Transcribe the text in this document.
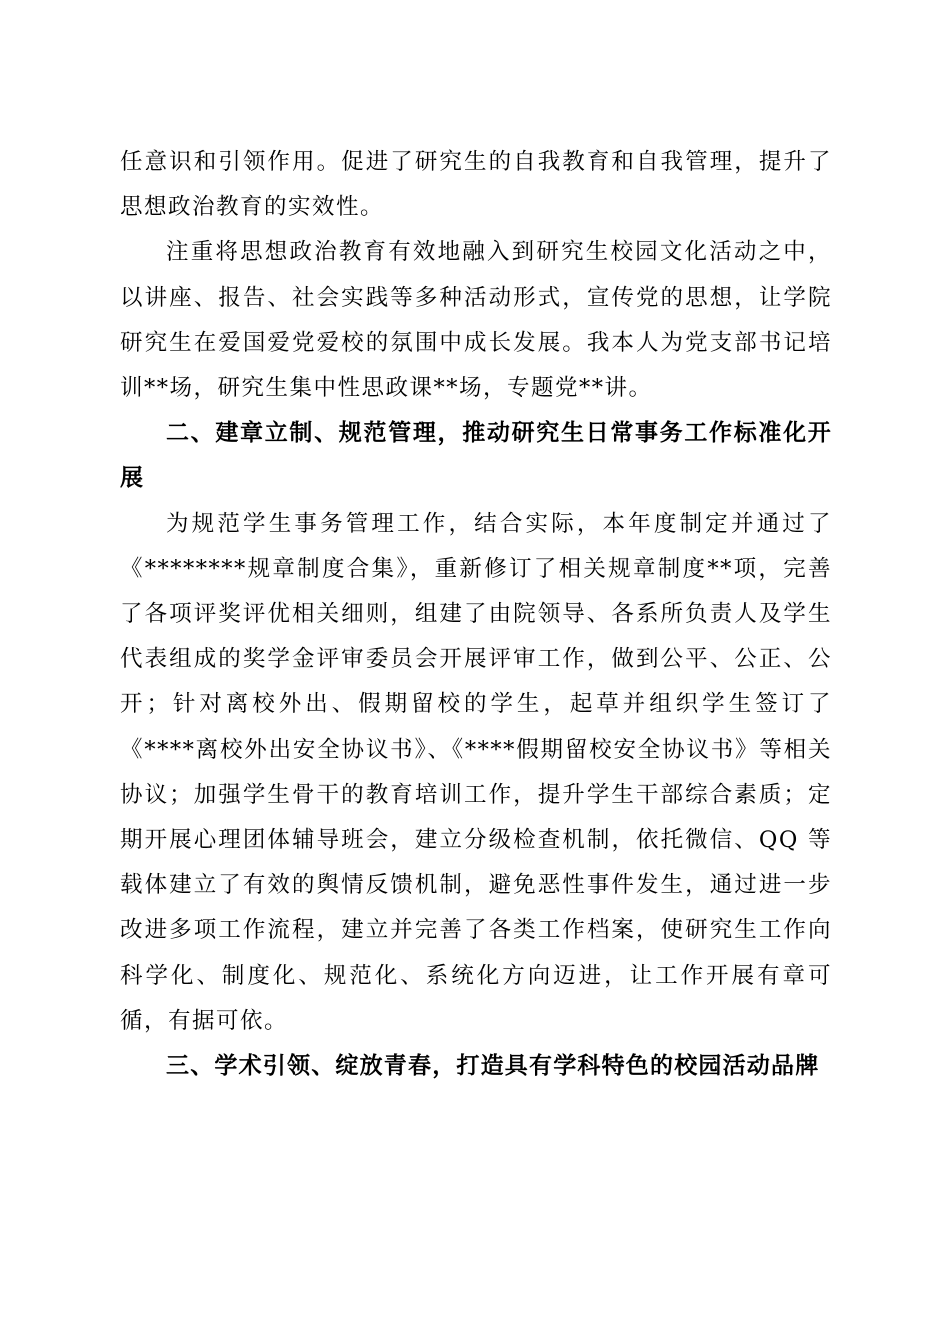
任意识和引领作用。促进了研究生的自我教育和自我管理，提升了思想政治教育的实效性。

注重将思想政治教育有效地融入到研究生校园文化活动之中，以讲座、报告、社会实践等多种活动形式，宣传党的思想，让学院研究生在爱国爱党爱校的氛围中成长发展。我本人为党支部书记培训**场，研究生集中性思政课**场，专题党**讲。

二、建章立制、规范管理，推动研究生日常事务工作标准化开展

为规范学生事务管理工作，结合实际，本年度制定并通过了《********规章制度合集》，重新修订了相关规章制度**项，完善了各项评奖评优相关细则，组建了由院领导、各系所负责人及学生代表组成的奖学金评审委员会开展评审工作，做到公平、公正、公开；针对离校外出、假期留校的学生，起草并组织学生签订了《****离校外出安全协议书》、《****假期留校安全协议书》等相关协议；加强学生骨干的教育培训工作，提升学生干部综合素质；定期开展心理团体辅导班会，建立分级检查机制，依托微信、QQ 等载体建立了有效的舆情反馈机制，避免恶性事件发生，通过进一步改进多项工作流程，建立并完善了各类工作档案，使研究生工作向科学化、制度化、规范化、系统化方向迈进，让工作开展有章可循，有据可依。

三、学术引领、绽放青春，打造具有学科特色的校园活动品牌
